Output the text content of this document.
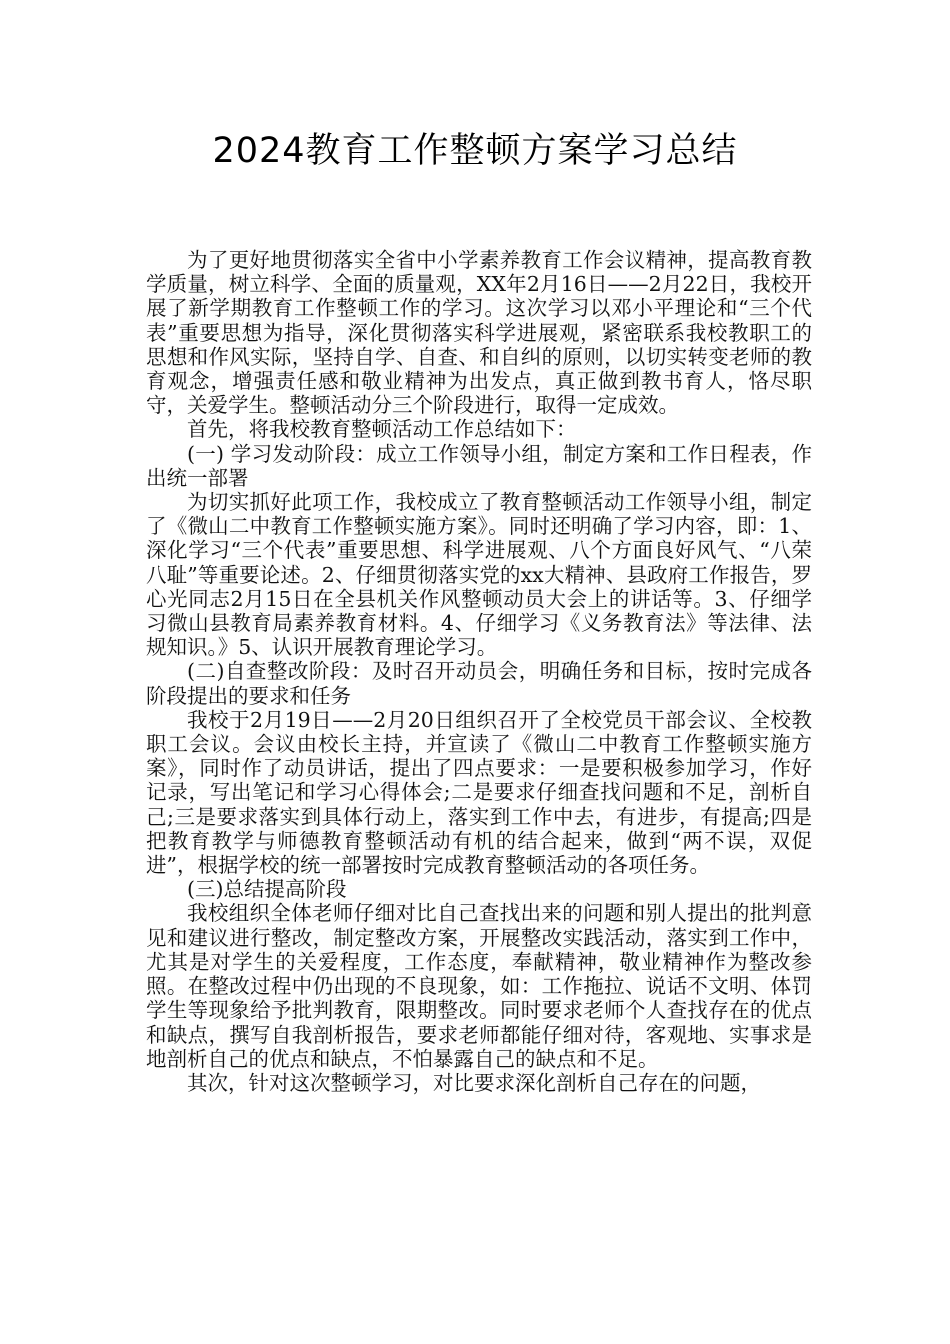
2024教育工作整顿方案学习总结

为了更好地贯彻落实全省中小学素养教育工作会议精神，提高教育教学质量，树立科学、全面的质量观，XX年2月16日——2月22日，我校开展了新学期教育工作整顿工作的学习。这次学习以邓小平理论和“三个代表”重要思想为指导，深化贯彻落实科学进展观，紧密联系我校教职工的思想和作风实际，坚持自学、自查、和自纠的原则，以切实转变老师的教育观念，增强责任感和敬业精神为出发点，真正做到教书育人，恪尽职守，关爱学生。整顿活动分三个阶段进行，取得一定成效。

首先，将我校教育整顿活动工作总结如下：

(一) 学习发动阶段：成立工作领导小组，制定方案和工作日程表，作出统一部署

为切实抓好此项工作，我校成立了教育整顿活动工作领导小组，制定了《微山二中教育工作整顿实施方案》。同时还明确了学习内容，即：1、深化学习“三个代表”重要思想、科学进展观、八个方面良好风气、“八荣八耻”等重要论述。2、仔细贯彻落实党的xx大精神、县政府工作报告，罗心光同志2月15日在全县机关作风整顿动员大会上的讲话等。3、仔细学习微山县教育局素养教育材料。4、仔细学习《义务教育法》等法律、法规知识。》5、认识开展教育理论学习。

(二)自查整改阶段：及时召开动员会，明确任务和目标，按时完成各阶段提出的要求和任务

我校于2月19日——2月20日组织召开了全校党员干部会议、全校教职工会议。会议由校长主持，并宣读了《微山二中教育工作整顿实施方案》，同时作了动员讲话，提出了四点要求：一是要积极参加学习，作好记录，写出笔记和学习心得体会;二是要求仔细查找问题和不足，剖析自己;三是要求落实到具体行动上，落实到工作中去，有进步，有提高;四是把教育教学与师德教育整顿活动有机的结合起来，做到“两不误，双促进”，根据学校的统一部署按时完成教育整顿活动的各项任务。

(三)总结提高阶段

我校组织全体老师仔细对比自己查找出来的问题和别人提出的批判意见和建议进行整改，制定整改方案，开展整改实践活动，落实到工作中，尤其是对学生的关爱程度，工作态度，奉献精神，敬业精神作为整改参照。在整改过程中仍出现的不良现象，如：工作拖拉、说话不文明、体罚学生等现象给予批判教育，限期整改。同时要求老师个人查找存在的优点和缺点，撰写自我剖析报告，要求老师都能仔细对待，客观地、实事求是地剖析自己的优点和缺点，不怕暴露自己的缺点和不足。

其次，针对这次整顿学习，对比要求深化剖析自己存在的问题，
